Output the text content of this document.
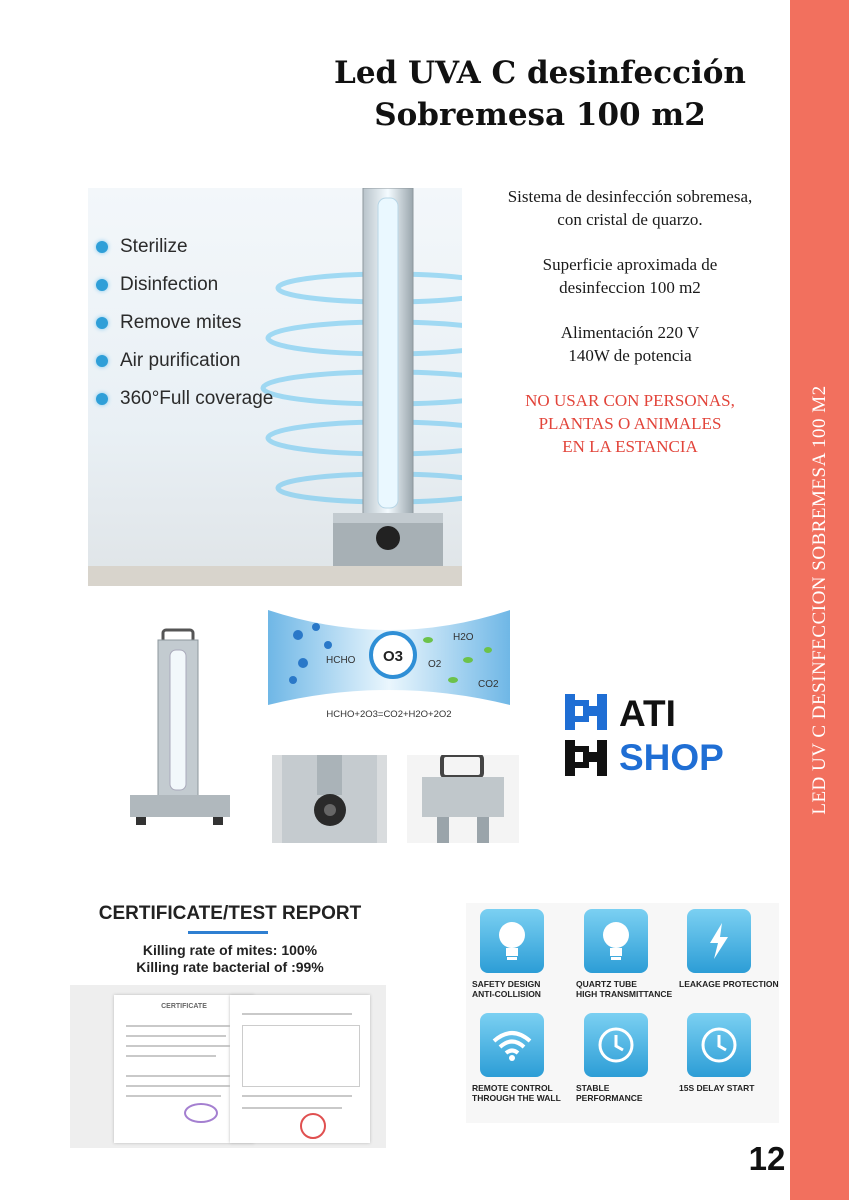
LED UV C DESINFECCION SOBREMESA 100 M2
Led UVA C desinfección
Sobremesa 100 m2

Sistema de desinfección sobremesa,
con cristal de quarzo.

Superficie aproximada de
desinfeccion 100 m2

Alimentación 220 V
140W de potencia

NO USAR CON PERSONAS,
PLANTAS O ANIMALES
EN LA ESTANCIA

Sterilize
Disinfection
Remove mites
Air purification
360°Full coverage
O3
HCHO
H2O
O2
CO2
HCHO+2O3=CO2+H2O+2O2	ATI
SHOP
CERTIFICATE/TEST REPORT
Killing rate of mites: 100%
Killing rate bacterial of :99%
CERTIFICATE
SAFETY DESIGN
ANTI-COLLISION
QUARTZ TUBE
HIGH TRANSMITTANCE
LEAKAGE PROTECTION
REMOTE CONTROL
THROUGH THE WALL
STABLE PERFORMANCE
15S DELAY START
12
